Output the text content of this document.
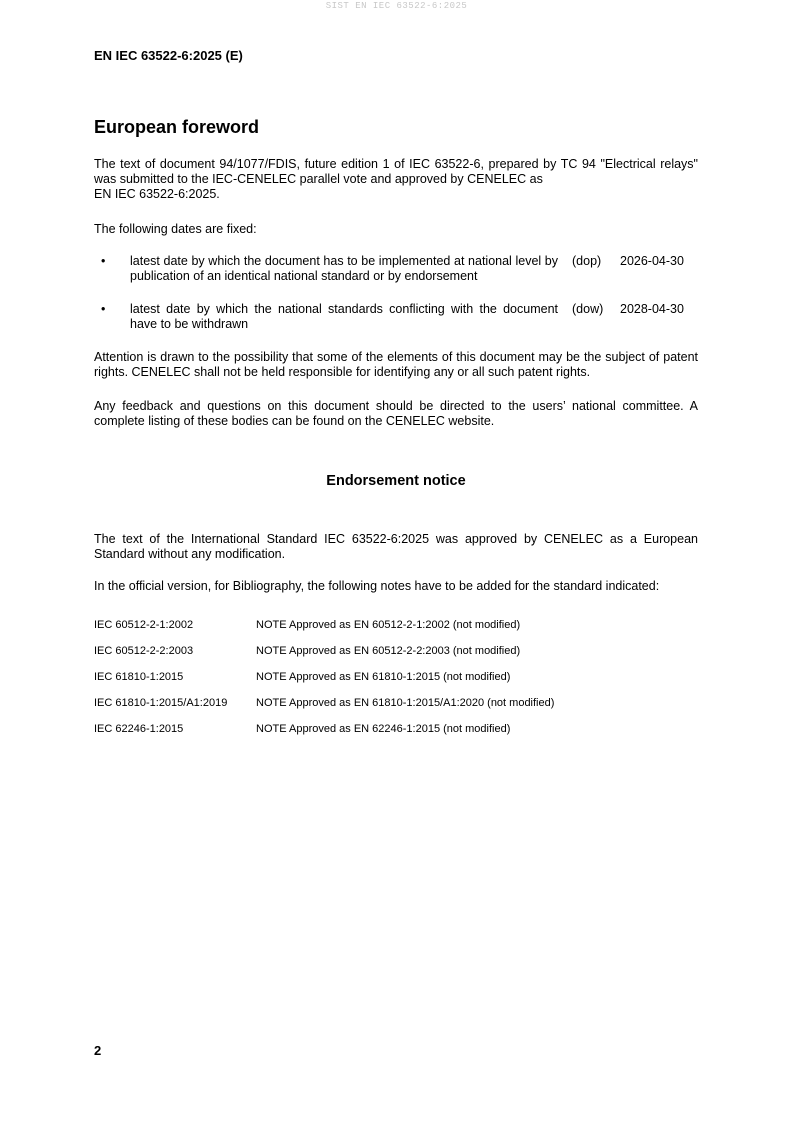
SIST EN IEC 63522-6:2025
EN IEC 63522-6:2025 (E)
European foreword
The text of document 94/1077/FDIS, future edition 1 of IEC 63522-6, prepared by TC 94 "Electrical relays" was submitted to the IEC-CENELEC parallel vote and approved by CENELEC as
EN IEC 63522-6:2025.
The following dates are fixed:
• latest date by which the document has to be implemented at national level by publication of an identical national standard or by endorsement
(dop) 2026-04-30
• latest date by which the national standards conflicting with the document have to be withdrawn
(dow) 2028-04-30
Attention is drawn to the possibility that some of the elements of this document may be the subject of patent rights. CENELEC shall not be held responsible for identifying any or all such patent rights.
Any feedback and questions on this document should be directed to the users’ national committee. A complete listing of these bodies can be found on the CENELEC website.
Endorsement notice
The text of the International Standard IEC 63522-6:2025 was approved by CENELEC as a European Standard without any modification.
In the official version, for Bibliography, the following notes have to be added for the standard indicated:
IEC 60512-2-1:2002	NOTE Approved as EN 60512-2-1:2002 (not modified)
IEC 60512-2-2:2003	NOTE Approved as EN 60512-2-2:2003 (not modified)
IEC 61810-1:2015	NOTE Approved as EN 61810-1:2015 (not modified)
IEC 61810-1:2015/A1:2019	NOTE Approved as EN 61810-1:2015/A1:2020 (not modified)
IEC 62246-1:2015	NOTE Approved as EN 62246-1:2015 (not modified)
2
